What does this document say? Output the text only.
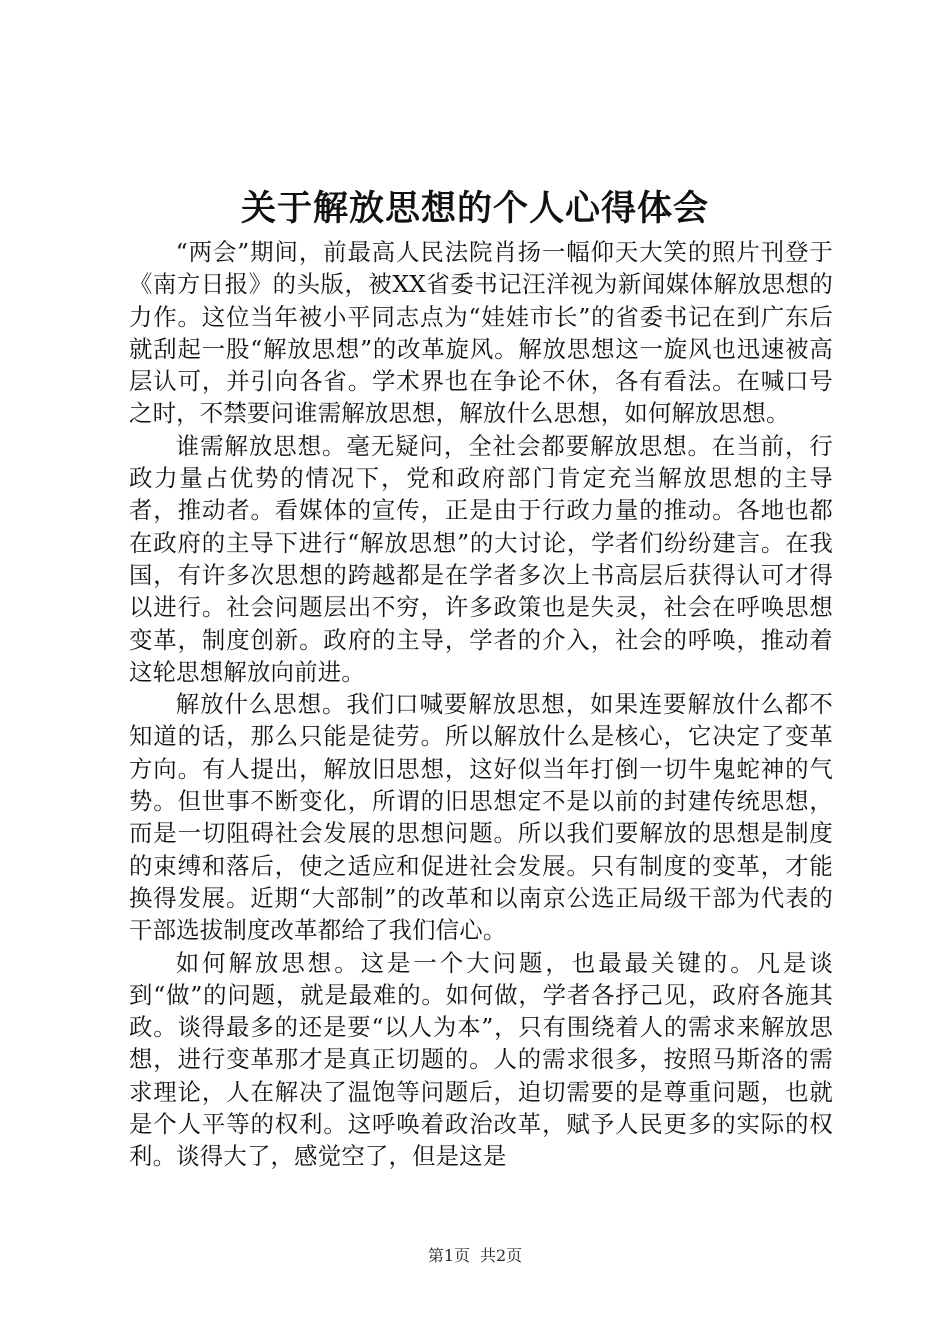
关于解放思想的个人心得体会

“两会”期间，前最高人民法院肖扬一幅仰天大笑的照片刊登于《南方日报》的头版，被XX省委书记汪洋视为新闻媒体解放思想的力作。这位当年被小平同志点为“娃娃市长”的省委书记在到广东后就刮起一股“解放思想”的改革旋风。解放思想这一旋风也迅速被高层认可，并引向各省。学术界也在争论不休，各有看法。在喊口号之时，不禁要问谁需解放思想，解放什么思想，如何解放思想。

谁需解放思想。毫无疑问，全社会都要解放思想。在当前，行政力量占优势的情况下，党和政府部门肯定充当解放思想的主导者，推动者。看媒体的宣传，正是由于行政力量的推动。各地也都在政府的主导下进行“解放思想”的大讨论，学者们纷纷建言。在我国，有许多次思想的跨越都是在学者多次上书高层后获得认可才得以进行。社会问题层出不穷，许多政策也是失灵，社会在呼唤思想变革，制度创新。政府的主导，学者的介入，社会的呼唤，推动着这轮思想解放向前进。

解放什么思想。我们口喊要解放思想，如果连要解放什么都不知道的话，那么只能是徒劳。所以解放什么是核心，它决定了变革方向。有人提出，解放旧思想，这好似当年打倒一切牛鬼蛇神的气势。但世事不断变化，所谓的旧思想定不是以前的封建传统思想，而是一切阻碍社会发展的思想问题。所以我们要解放的思想是制度的束缚和落后，使之适应和促进社会发展。只有制度的变革，才能换得发展。近期“大部制”的改革和以南京公选正局级干部为代表的干部选拔制度改革都给了我们信心。

如何解放思想。这是一个大问题，也最最关键的。凡是谈到“做”的问题，就是最难的。如何做，学者各抒己见，政府各施其政。谈得最多的还是要“以人为本”，只有围绕着人的需求来解放思想，进行变革那才是真正切题的。人的需求很多，按照马斯洛的需求理论，人在解决了温饱等问题后，迫切需要的是尊重问题，也就是个人平等的权利。这呼唤着政治改革，赋予人民更多的实际的权利。谈得大了，感觉空了，但是这是

第1页 共2页
